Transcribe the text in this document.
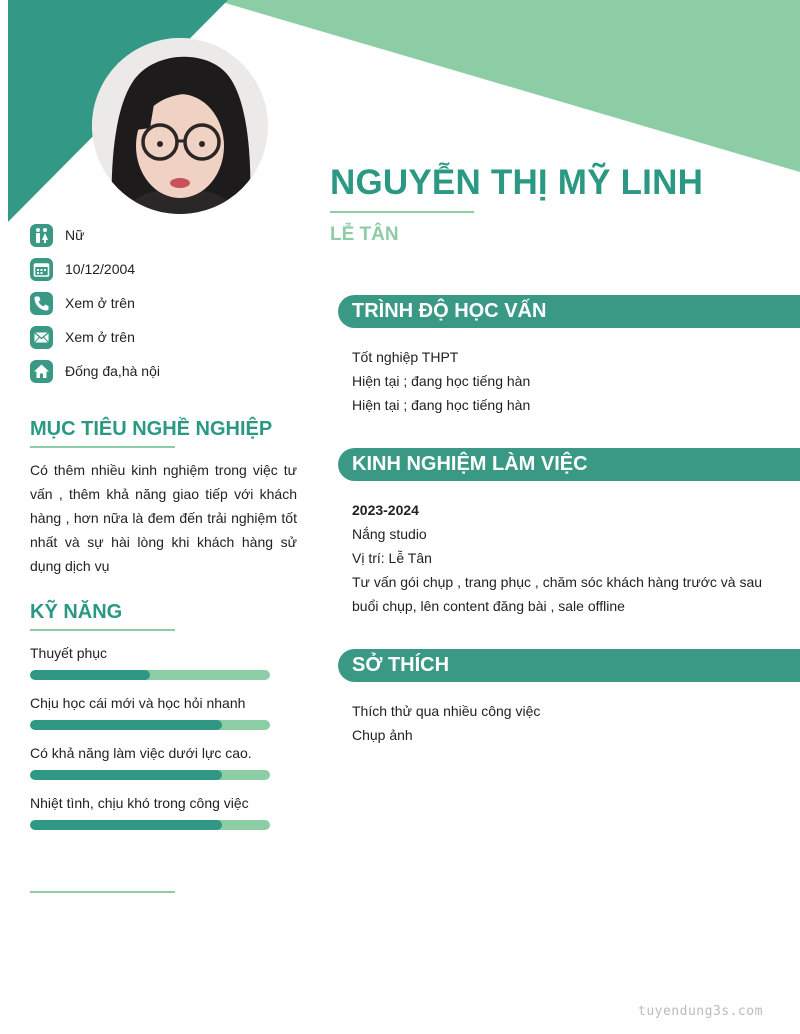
NGUYỄN THỊ MỸ LINH
LỄ TÂN
Nữ
10/12/2004
Xem ở trên
Xem ở trên
Đống đa,hà nội
MỤC TIÊU NGHỀ NGHIỆP
Có thêm nhiều kinh nghiệm trong việc tư vấn , thêm khả năng giao tiếp với khách hàng , hơn nữa là đem đến trải nghiệm tốt nhất và sự hài lòng khi khách hàng sử dụng dịch vụ
KỸ NĂNG
Thuyết phục
Chịu học cái mới và học hỏi nhanh
Có khả năng làm việc dưới lực cao.
Nhiệt tình, chịu khó trong công việc
TRÌNH ĐỘ HỌC VẤN
Tốt nghiệp THPT
Hiện tại ; đang học tiếng hàn
Hiện tại ; đang học tiếng hàn
KINH NGHIỆM LÀM VIỆC
2023-2024
Nắng studio
Vị trí: Lễ Tân
Tư vấn gói chụp , trang phục , chăm sóc khách hàng trước và sau
buổi chụp, lên content đăng bài , sale offline
SỞ THÍCH
Thích thử qua nhiều công việc
Chụp ảnh
tuyendung3s.com
